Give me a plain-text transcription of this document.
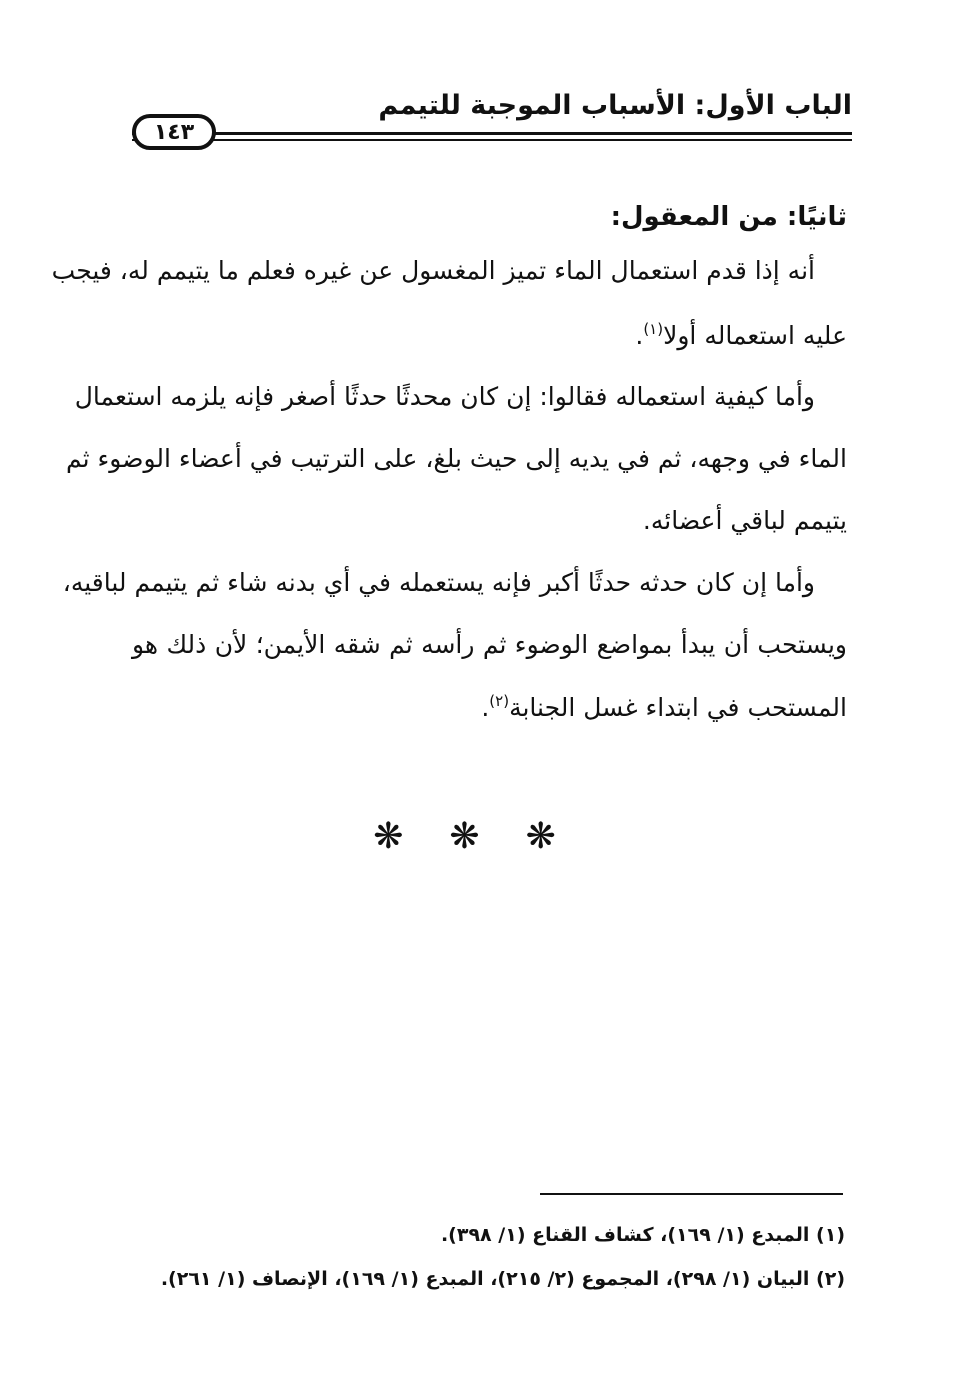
الباب الأول: الأسباب الموجبة للتيمم
١٤٣
ثانيًا: من المعقول:
أنه إذا قدم استعمال الماء تميز المغسول عن غيره فعلم ما يتيمم له، فيجب
عليه استعماله أولا$^{(١)}$.
وأما كيفية استعماله فقالوا: إن كان محدثًا حدثًا أصغر فإنه يلزمه استعمال
الماء في وجهه، ثم في يديه إلى حيث بلغ، على الترتيب في أعضاء الوضوء ثم
يتيمم لباقي أعضائه.
وأما إن كان حدثه حدثًا أكبر فإنه يستعمله في أي بدنه شاء ثم يتيمم لباقيه،
ويستحب أن يبدأ بمواضع الوضوء ثم رأسه ثم شقه الأيمن؛ لأن ذلك هو
المستحب في ابتداء غسل الجنابة$^{(٢)}$.
❋ ❋ ❋
(١) المبدع (١/ ١٦٩)، كشاف القناع (١/ ٣٩٨).
(٢) البيان (١/ ٢٩٨)، المجموع (٢/ ٢١٥)، المبدع (١/ ١٦٩)، الإنصاف (١/ ٢٦١).
